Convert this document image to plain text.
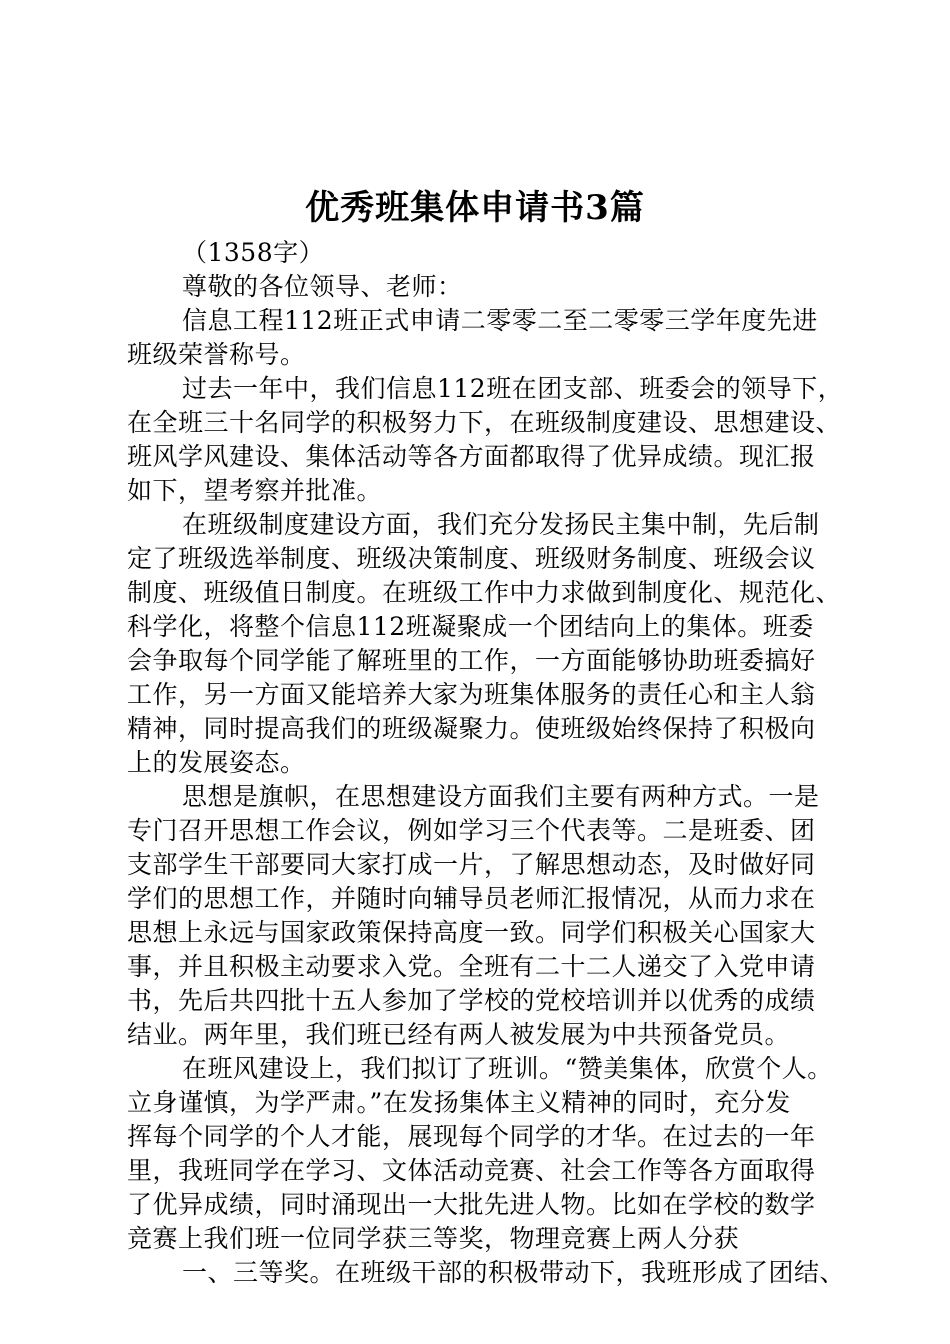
优秀班集体申请书3篇
（1358字）
尊敬的各位领导、老师：
信息工程112班正式申请二零零二至二零零三学年度先进
班级荣誉称号。
过去一年中，我们信息112班在团支部、班委会的领导下，
在全班三十名同学的积极努力下，在班级制度建设、思想建设、
班风学风建设、集体活动等各方面都取得了优异成绩。现汇报
如下，望考察并批准。
在班级制度建设方面，我们充分发扬民主集中制，先后制
定了班级选举制度、班级决策制度、班级财务制度、班级会议
制度、班级值日制度。在班级工作中力求做到制度化、规范化、
科学化，将整个信息112班凝聚成一个团结向上的集体。班委
会争取每个同学能了解班里的工作，一方面能够协助班委搞好
工作，另一方面又能培养大家为班集体服务的责任心和主人翁
精神，同时提高我们的班级凝聚力。使班级始终保持了积极向
上的发展姿态。
思想是旗帜，在思想建设方面我们主要有两种方式。一是
专门召开思想工作会议，例如学习三个代表等。二是班委、团
支部学生干部要同大家打成一片，了解思想动态，及时做好同
学们的思想工作，并随时向辅导员老师汇报情况，从而力求在
思想上永远与国家政策保持高度一致。同学们积极关心国家大
事，并且积极主动要求入党。全班有二十二人递交了入党申请
书，先后共四批十五人参加了学校的党校培训并以优秀的成绩
结业。两年里，我们班已经有两人被发展为中共预备党员。
在班风建设上，我们拟订了班训。“赞美集体，欣赏个人。
立身谨慎，为学严肃。”在发扬集体主义精神的同时，充分发
挥每个同学的个人才能，展现每个同学的才华。在过去的一年
里，我班同学在学习、文体活动竞赛、社会工作等各方面取得
了优异成绩，同时涌现出一大批先进人物。比如在学校的数学
竞赛上我们班一位同学获三等奖，物理竞赛上两人分获
一、三等奖。在班级干部的积极带动下，我班形成了团结、
